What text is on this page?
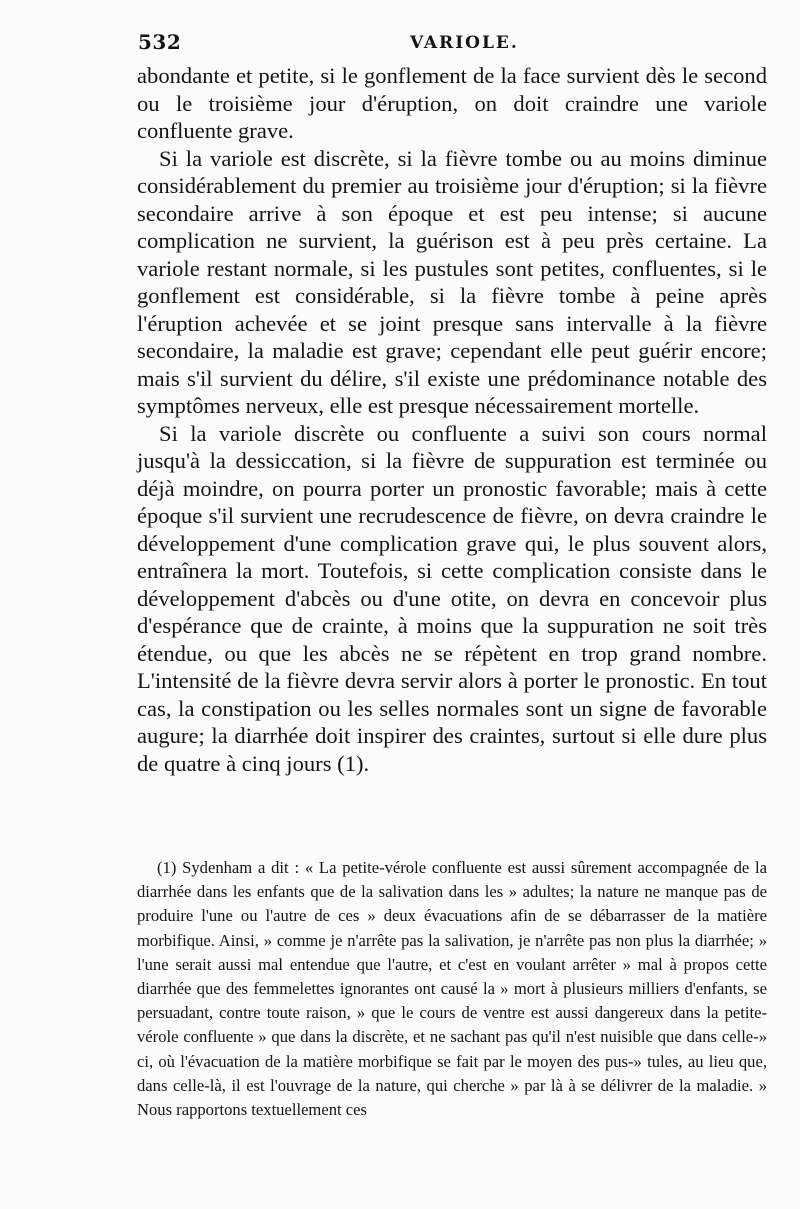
532	VARIOLE.

abondante et petite, si le gonflement de la face survient dès le second ou le troisième jour d'éruption, on doit craindre une variole confluente grave.

Si la variole est discrète, si la fièvre tombe ou au moins diminue considérablement du premier au troisième jour d'éruption; si la fièvre secondaire arrive à son époque et est peu intense; si aucune complication ne survient, la guérison est à peu près certaine. La variole restant normale, si les pustules sont petites, confluentes, si le gonflement est considérable, si la fièvre tombe à peine après l'éruption achevée et se joint presque sans intervalle à la fièvre secondaire, la maladie est grave; cependant elle peut guérir encore; mais s'il survient du délire, s'il existe une prédominance notable des symptômes nerveux, elle est presque nécessairement mortelle.

Si la variole discrète ou confluente a suivi son cours normal jusqu'à la dessiccation, si la fièvre de suppuration est terminée ou déjà moindre, on pourra porter un pronostic favorable; mais à cette époque s'il survient une recrudescence de fièvre, on devra craindre le développement d'une complication grave qui, le plus souvent alors, entraînera la mort. Toutefois, si cette complication consiste dans le développement d'abcès ou d'une otite, on devra en concevoir plus d'espérance que de crainte, à moins que la suppuration ne soit très étendue, ou que les abcès ne se répètent en trop grand nombre. L'intensité de la fièvre devra servir alors à porter le pronostic. En tout cas, la constipation ou les selles normales sont un signe de favorable augure; la diarrhée doit inspirer des craintes, surtout si elle dure plus de quatre à cinq jours (1).

(1) Sydenham a dit : « La petite-vérole confluente est aussi sûrement accompagnée de la diarrhée dans les enfants que de la salivation dans les » adultes; la nature ne manque pas de produire l'une ou l'autre de ces » deux évacuations afin de se débarrasser de la matière morbifique. Ainsi, » comme je n'arrête pas la salivation, je n'arrête pas non plus la diarrhée; » l'une serait aussi mal entendue que l'autre, et c'est en voulant arrêter » mal à propos cette diarrhée que des femmelettes ignorantes ont causé la » mort à plusieurs milliers d'enfants, se persuadant, contre toute raison, » que le cours de ventre est aussi dangereux dans la petite-vérole confluente » que dans la discrète, et ne sachant pas qu'il n'est nuisible que dans celle-» ci, où l'évacuation de la matière morbifique se fait par le moyen des pus-» tules, au lieu que, dans celle-là, il est l'ouvrage de la nature, qui cherche » par là à se délivrer de la maladie. » Nous rapportons textuellement ces
